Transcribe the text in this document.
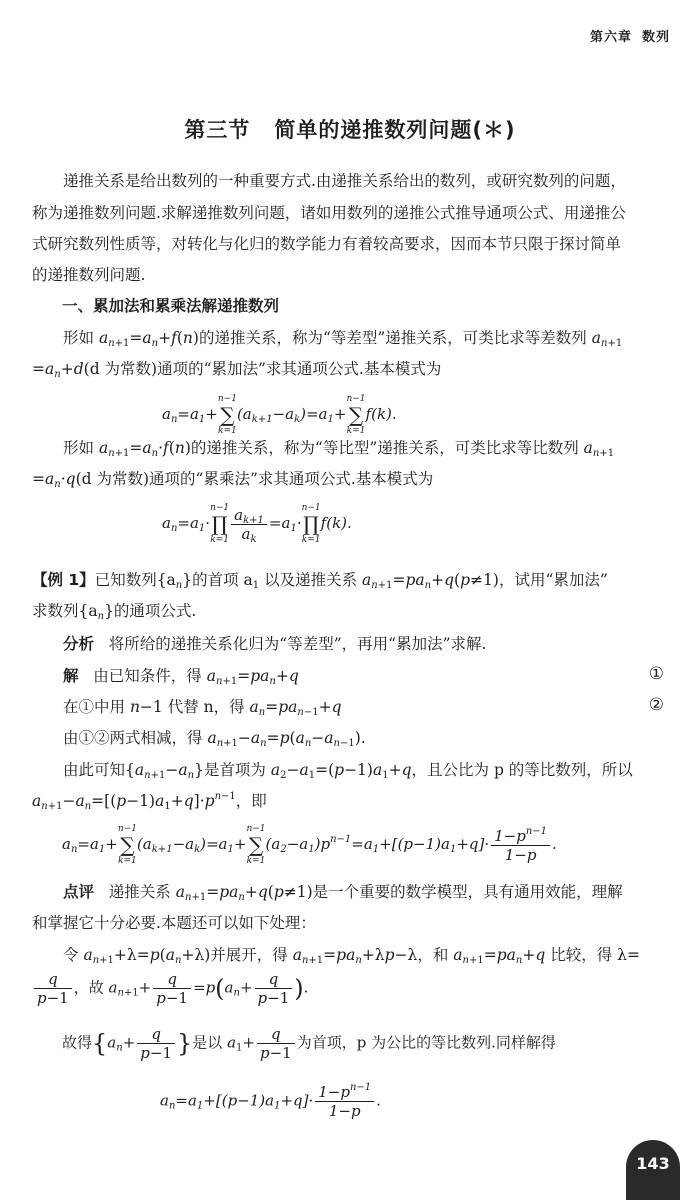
第六章 数列
第三节 简单的递推数列问题(＊)
递推关系是给出数列的一种重要方式.由递推关系给出的数列，或研究数列的问题，
称为递推数列问题.求解递推数列问题，诸如用数列的递推公式推导通项公式、用递推公
式研究数列性质等，对转化与化归的数学能力有着较高要求，因而本节只限于探讨简单
的递推数列问题.
一、累加法和累乘法解递推数列
形如 $a_{n+1}=a_n+f(n)$的递推关系，称为“等差型”递推关系，可类比求等差数列 $a_{n+1}$
$=a_n+d(d$ 为常数)通项的“累加法”求其通项公式.基本模式为
$a_n=a_1+$
n−1
∑
k=1
$(a_{k+1}-a_k)=a_1+$
n−1
∑
k=1
f(k).
形如 $a_{n+1}=a_n\cdot f(n)$的递推关系，称为“等比型”递推关系，可类比求等比数列 $a_{n+1}$
$=a_n\cdot q(d$ 为常数)通项的“累乘法”求其通项公式.基本模式为
$a_n=a_1\cdot$
n−1
∏
$k=1 \frac{a_{k+1}}{a_k} =a_1\cdot$
n−1
∏
k=1
f(k).
【例 1】已知数列$\{a_n\}$的首项 $a_1$ 以及递推关系 $a_{n+1}=pa_n+q(p\ne 1)$，试用“累加法”
求数列$\{a_n\}$的通项公式.
分析 将所给的递推关系化归为“等差型”，再用“累加法”求解.
解 由已知条件，得 $a_{n+1}=pa_n+q$	①
在①中用 n−1 代替 n，得 $a_n=pa_{n-1}+q$	②
由①②两式相减，得 $a_{n+1}-a_n=p(a_n-a_{n-1})$.
由此可知$\{a_{n+1}-a_n\}$是首项为 $a_2-a_1=(p-1)a_1+q$，且公比为 p 的等比数列，所以
$a_{n+1}-a_n=[(p-1)a_1+q]\cdot p^{n-1}$，即
$a_n=a_1+$
n−1
∑
k=1
$(a_{k+1}-a_k)=a_1+$
n−1
∑
k=1
$(a_2-a_1)p^{n-1}=a_1+[(p-1)a_1+q]\cdot \frac{1-p^{n-1}}{1-p}$ .
点评 递推关系 $a_{n+1}=pa_n+q(p\ne 1)$是一个重要的数学模型，具有通用效能，理解
和掌握它十分必要.本题还可以如下处理：
令 $a_{n+1}+\lambda=p(a_n+\lambda)$并展开，得 $a_{n+1}=pa_n+\lambda p-\lambda$，和 $a_{n+1}=pa_n+q$ 比较，得 λ=
$\frac{q}{p-1}$ ，故 $a_{n+1}+ \frac{q}{p-1} =p(a_n+ \frac{q}{p-1}$ ).
故得{$a_n+ \frac{q}{p-1}$ }是以 $a_1+ \frac{q}{p-1}$ 为首项，p 为公比的等比数列.同样解得
$a_n=a_1+[(p-1)a_1+q]\cdot \frac{1-p^{n-1}}{1-p}$ .
143
